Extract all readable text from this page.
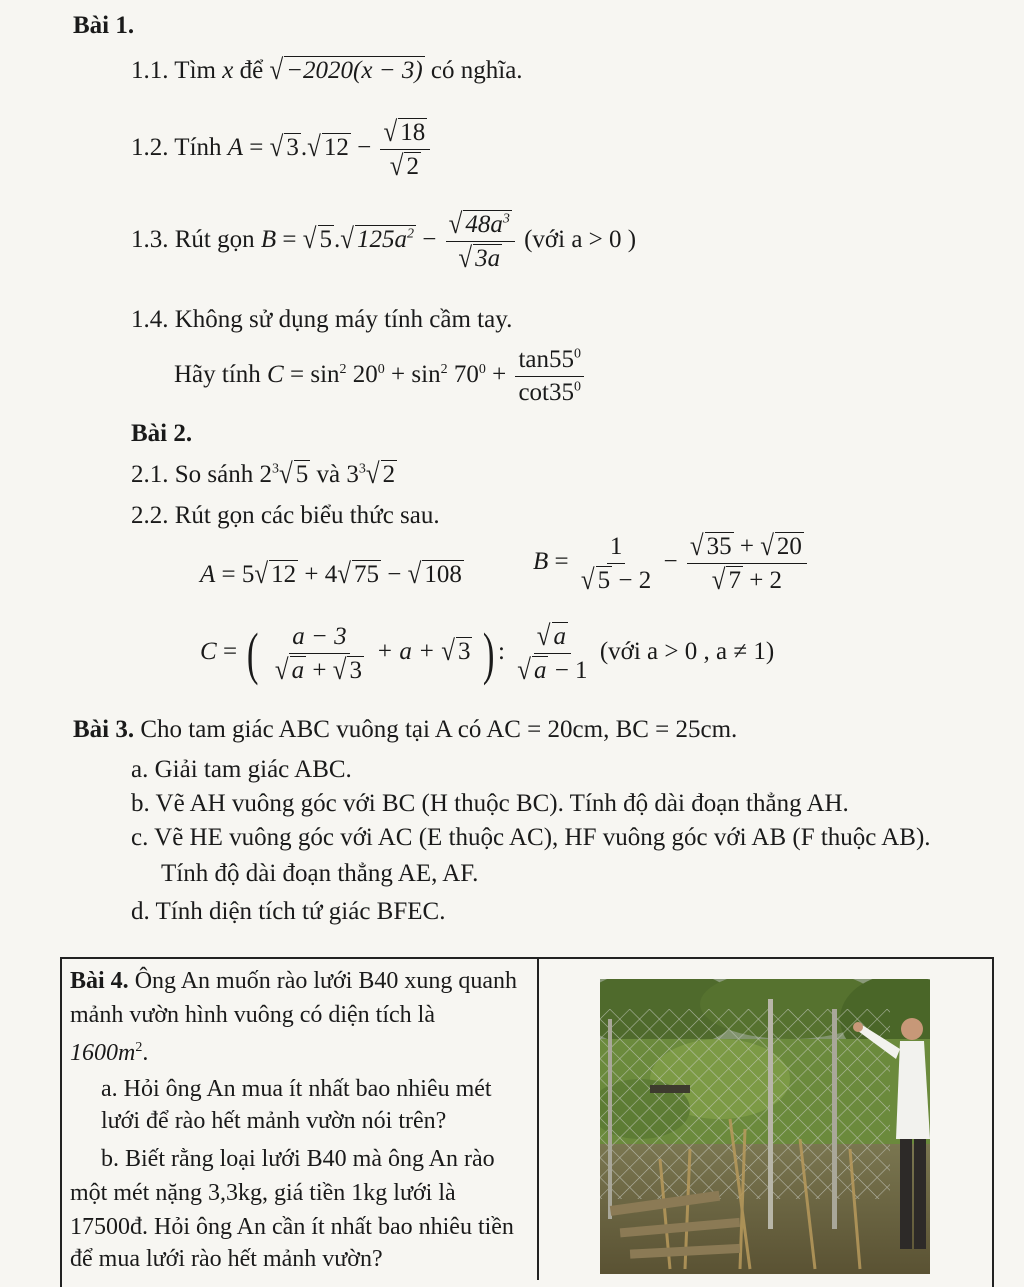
Bài 1.
1.1. Tìm x để √ −2020(x − 3) có nghĩa.
1.2. Tính A = √ 3.√ $12 - \frac{√ 18}{√ 2}$
1.3. Rút gọn B = √ 5.√ $125a^2 - \frac{√ 48a^3}{√ 3a}$ (với a > 0 )
1.4. Không sử dụng máy tính cầm tay.
Hãy tính $C = \sin^2 20^0 + \sin^2 70^0 + \frac{\tan 55^0}{\cot 35^0}$
Bài 2.
2.1. So sánh $2^3√$ 5 và $3^3√$ 2
2.2. Rút gọn các biểu thức sau.
A = 5√ 12 + 4√ 75 − √ 108	$B = \frac{1}{√ 5 - 2} - \frac{√ 35 + √ 20}{√ 7 + 2}$
C = ( $\frac{a - 3}{√ a + √ 3} + a$ + √ 3 ) : $\frac{√ a}{√ a - 1}$ (với a > 0 , a ≠ 1)
Bài 3. Cho tam giác ABC vuông tại A có AC = 20cm, BC = 25cm.
a. Giải tam giác ABC.
b. Vẽ AH vuông góc với BC (H thuộc BC). Tính độ dài đoạn thẳng AH.
c. Vẽ HE vuông góc với AC (E thuộc AC), HF vuông góc với AB (F thuộc AB).
Tính độ dài đoạn thẳng AE, AF.
d. Tính diện tích tứ giác BFEC.
Bài 4. Ông An muốn rào lưới B40 xung quanh
mảnh vườn hình vuông có diện tích là
$1600m^2$.
a. Hỏi ông An mua ít nhất bao nhiêu mét
lưới để rào hết mảnh vườn nói trên?
b. Biết rằng loại lưới B40 mà ông An rào
một mét nặng 3,3kg, giá tiền 1kg lưới là
17500đ. Hỏi ông An cần ít nhất bao nhiêu tiền
để mua lưới rào hết mảnh vườn?
